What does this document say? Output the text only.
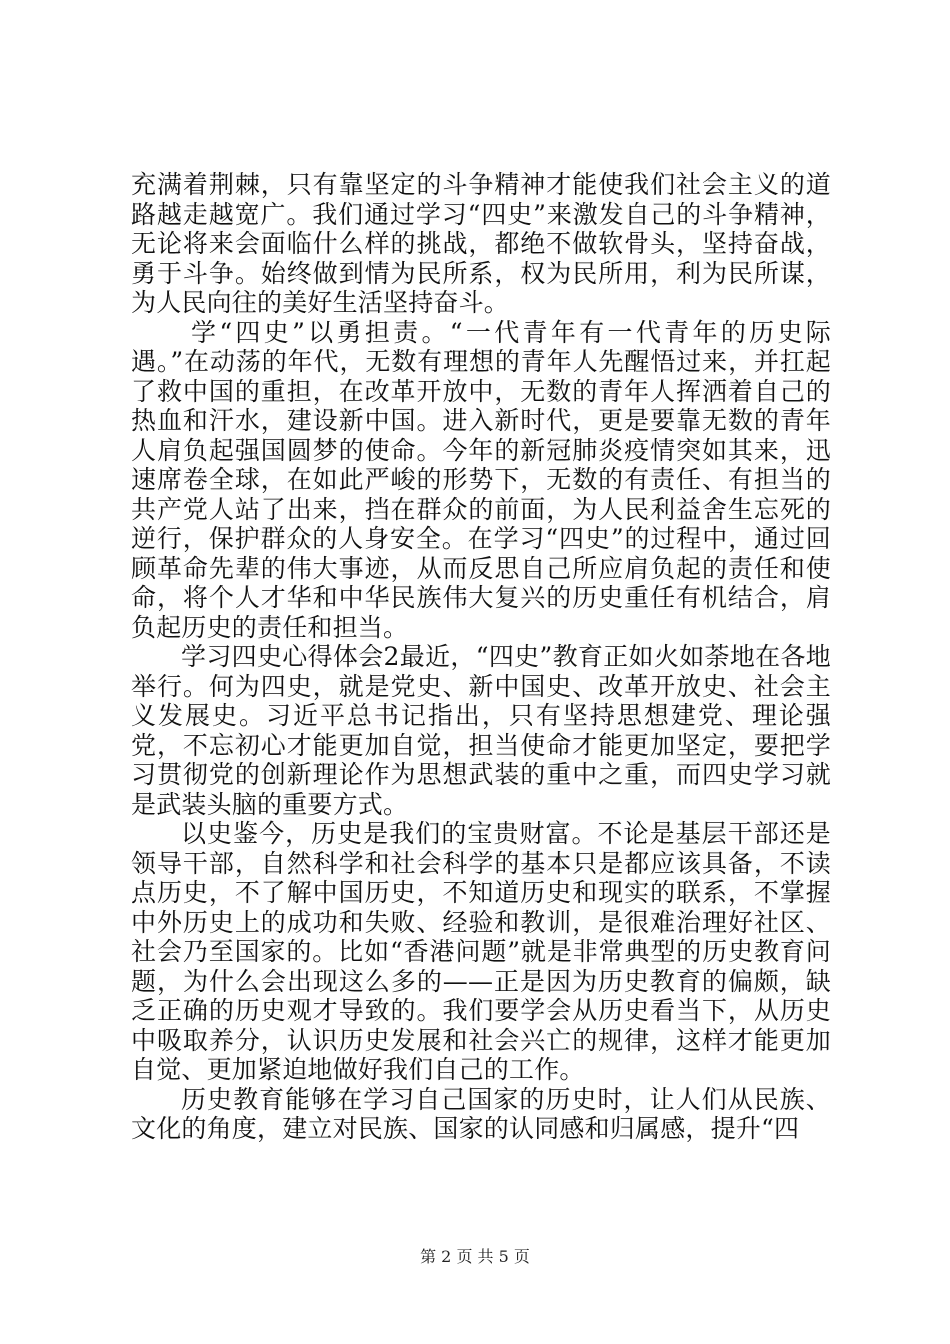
充满着荆棘，只有靠坚定的斗争精神才能使我们社会主义的道路越走越宽广。我们通过学习“四史”来激发自己的斗争精神，无论将来会面临什么样的挑战，都绝不做软骨头，坚持奋战，勇于斗争。始终做到情为民所系，权为民所用，利为民所谋，为人民向往的美好生活坚持奋斗。

学“四史”以勇担责。“一代青年有一代青年的历史际遇。”在动荡的年代，无数有理想的青年人先醒悟过来，并扛起了救中国的重担，在改革开放中，无数的青年人挥洒着自己的热血和汗水，建设新中国。进入新时代，更是要靠无数的青年人肩负起强国圆梦的使命。今年的新冠肺炎疫情突如其来，迅速席卷全球，在如此严峻的形势下，无数的有责任、有担当的共产党人站了出来，挡在群众的前面，为人民利益舍生忘死的逆行，保护群众的人身安全。在学习“四史”的过程中，通过回顾革命先辈的伟大事迹，从而反思自己所应肩负起的责任和使命，将个人才华和中华民族伟大复兴的历史重任有机结合，肩负起历史的责任和担当。

学习四史心得体会2最近，“四史”教育正如火如荼地在各地举行。何为四史，就是党史、新中国史、改革开放史、社会主义发展史。习近平总书记指出，只有坚持思想建党、理论强党，不忘初心才能更加自觉，担当使命才能更加坚定，要把学习贯彻党的创新理论作为思想武装的重中之重，而四史学习就是武装头脑的重要方式。

以史鉴今，历史是我们的宝贵财富。不论是基层干部还是领导干部，自然科学和社会科学的基本只是都应该具备，不读点历史，不了解中国历史，不知道历史和现实的联系，不掌握中外历史上的成功和失败、经验和教训，是很难治理好社区、社会乃至国家的。比如“香港问题”就是非常典型的历史教育问题，为什么会出现这么多的——正是因为历史教育的偏颇，缺乏正确的历史观才导致的。我们要学会从历史看当下，从历史中吸取养分，认识历史发展和社会兴亡的规律，这样才能更加自觉、更加紧迫地做好我们自己的工作。

历史教育能够在学习自己国家的历史时，让人们从民族、文化的角度，建立对民族、国家的认同感和归属感，提升“四

第 2 页 共 5 页
